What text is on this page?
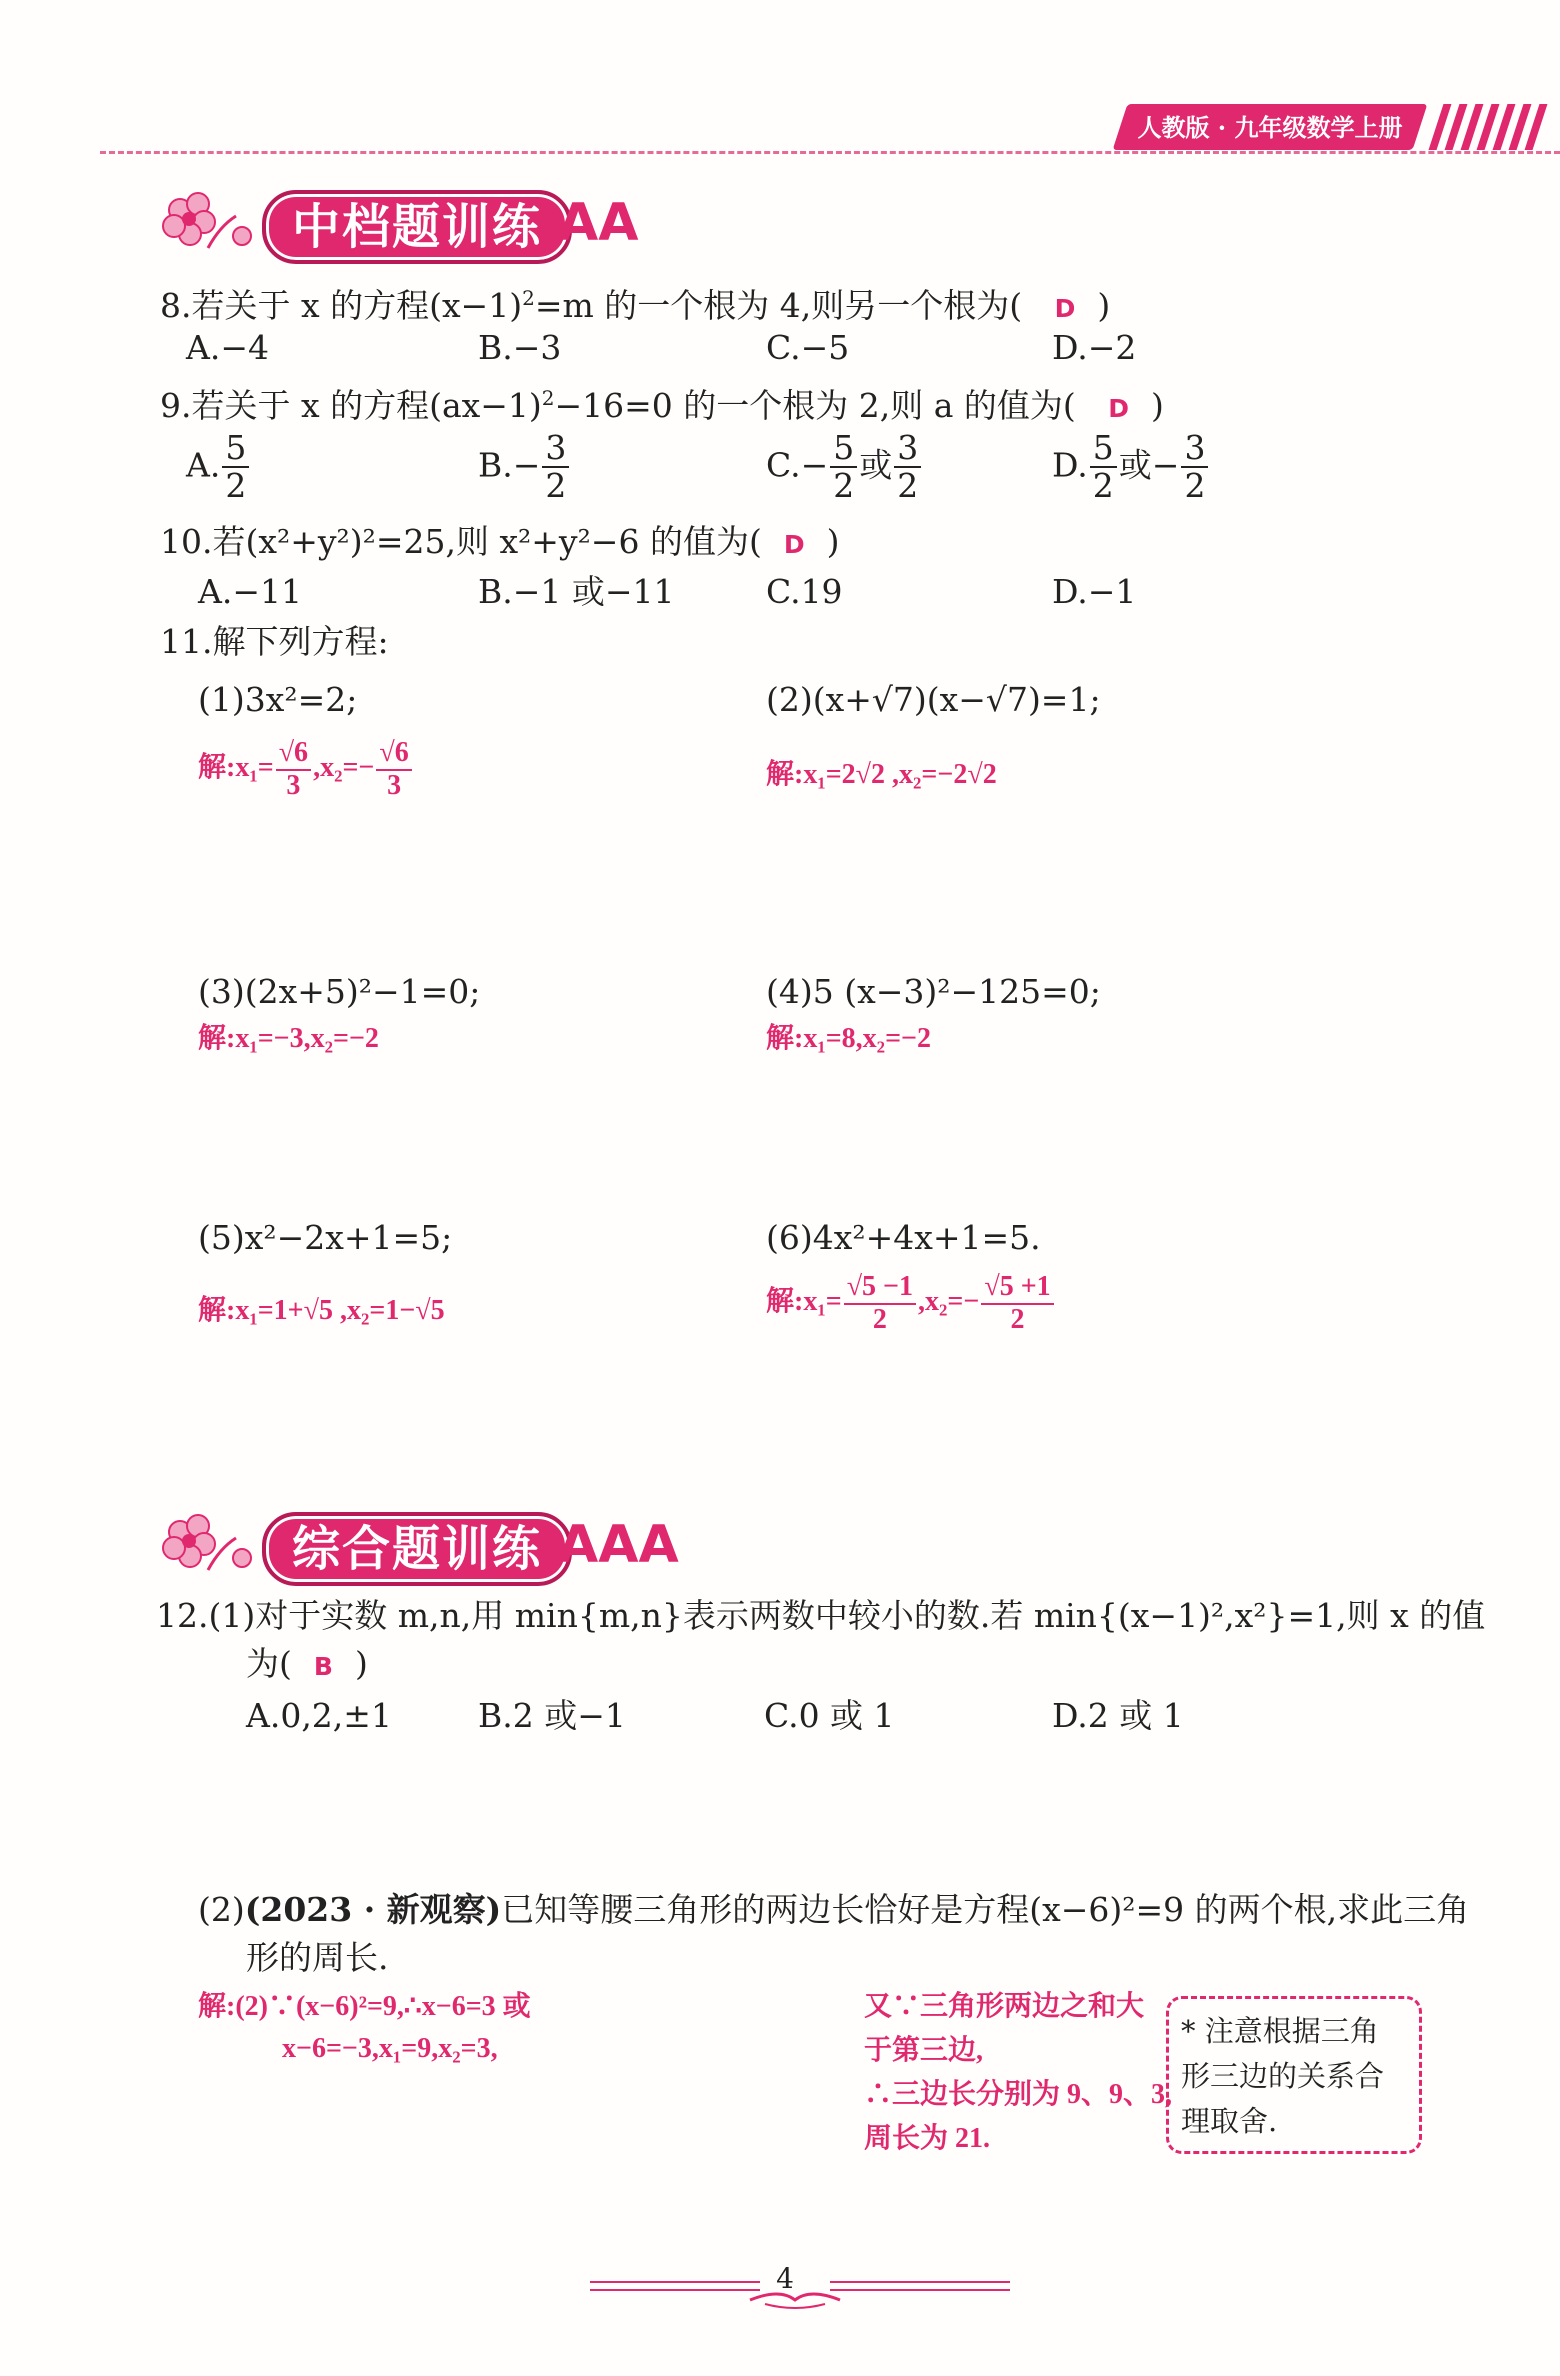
人教版 · 九年级数学上册
中档题训练 AA
8.若关于 x 的方程$(x-1)^2=m$ 的一个根为 4,则另一个根为( D )
A.−4	B.−3	C.−5	D.−2
9.若关于 x 的方程$(ax-1)^2-16=0$ 的一个根为 2,则 a 的值为( D )
A. $\frac{5}{2}$	$B.- \frac{3}{2}$	$C.- \frac{5}{2}$ 或 $\frac{3}{2}$	D. $\frac{5}{2}$ 或− $\frac{3}{2}$
10.若(x²+y²)²=25,则 x²+y²−6 的值为( D )
A.−11	B.−1 或−11	C.19	D.−1
11.解下列方程:
(1)3x²=2;	(2)(x+√7)(x−√7)=1;
解:x₁= $\frac{√6}{3} ,x_2=- \frac{√6}{3}$	解:x₁=2√2 ,x₂=−2√2
(3)(2x+5)²−1=0;	(4)5 (x−3)²−125=0;
解:x₁=−3,x₂=−2	解:x₁=8,x₂=−2
(5)x²−2x+1=5;	(6)4x²+4x+1=5.
解:x₁=1+√5 ,x₂=1−√5	解:x₁= $\frac{√5 -1}{2} ,x_2=- \frac{√5 +1}{2}$
综合题训练 AAA
12.(1)对于实数 m,n,用 min{m,n}表示两数中较小的数.若 min{(x−1)²,x²}=1,则 x 的值
为( B )
A.0,2,±1	B.2 或−1	C.0 或 1	D.2 或 1
(2)(2023 · 新观察)已知等腰三角形的两边长恰好是方程(x−6)²=9 的两个根,求此三角
形的周长.
解:(2)∵(x−6)²=9,∴x−6=3 或
x−6=−3,x₁=9,x₂=3,
又∵三角形两边之和大
于第三边,
∴三边长分别为 9、9、3,
周长为 21.
* 注意根据三角形三边的关系合理取舍.
4
